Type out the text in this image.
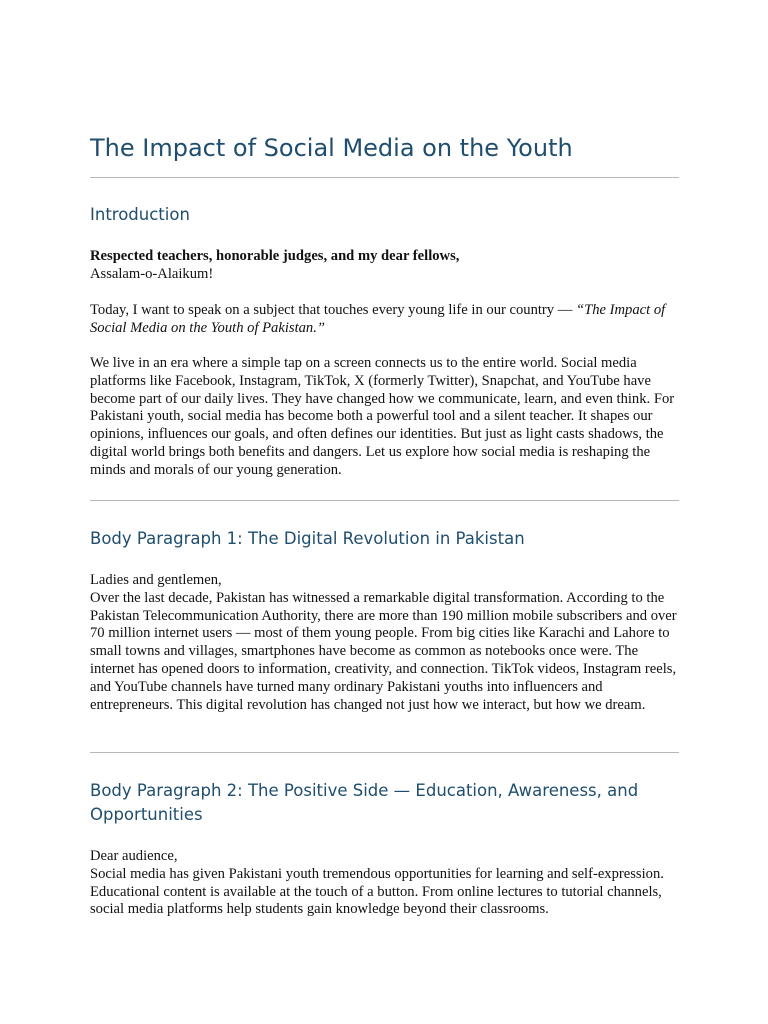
The Impact of Social Media on the Youth
Introduction

Respected teachers, honorable judges, and my dear fellows,
Assalam-o-Alaikum!

Today, I want to speak on a subject that touches every young life in our country — “The Impact of Social Media on the Youth of Pakistan.”

We live in an era where a simple tap on a screen connects us to the entire world. Social media platforms like Facebook, Instagram, TikTok, X (formerly Twitter), Snapchat, and YouTube have become part of our daily lives. They have changed how we communicate, learn, and even think. For Pakistani youth, social media has become both a powerful tool and a silent teacher. It shapes our opinions, influences our goals, and often defines our identities. But just as light casts shadows, the digital world brings both benefits and dangers. Let us explore how social media is reshaping the minds and morals of our young generation.

Body Paragraph 1: The Digital Revolution in Pakistan

Ladies and gentlemen,
Over the last decade, Pakistan has witnessed a remarkable digital transformation. According to the Pakistan Telecommunication Authority, there are more than 190 million mobile subscribers and over 70 million internet users — most of them young people. From big cities like Karachi and Lahore to small towns and villages, smartphones have become as common as notebooks once were. The internet has opened doors to information, creativity, and connection. TikTok videos, Instagram reels, and YouTube channels have turned many ordinary Pakistani youths into influencers and entrepreneurs. This digital revolution has changed not just how we interact, but how we dream.

Body Paragraph 2: The Positive Side — Education, Awareness, and Opportunities

Dear audience,
Social media has given Pakistani youth tremendous opportunities for learning and self-expression. Educational content is available at the touch of a button. From online lectures to tutorial channels, social media platforms help students gain knowledge beyond their classrooms.
